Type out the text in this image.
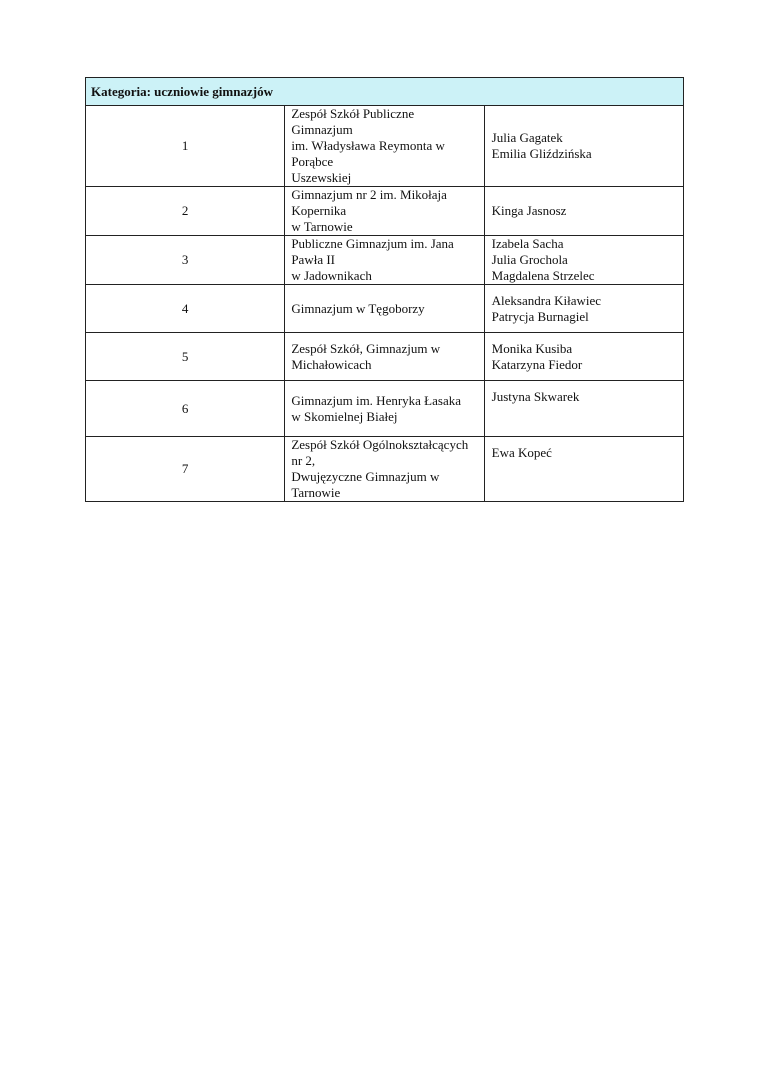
Kategoria: uczniowie gimnazjów		
1	Zespół Szkół Publiczne Gimnazjum
im. Władysława Reymonta w Porąbce
Uszewskiej	Julia Gagatek
Emilia Gliździńska

2	Gimnazjum nr 2 im. Mikołaja Kopernika
w Tarnowie	Kinga Jasnosz

3	Publiczne Gimnazjum im. Jana Pawła II
w Jadownikach	Izabela Sacha
Julia Grochola
Magdalena Strzelec

4	Gimnazjum w Tęgoborzy	Aleksandra Kiławiec
Patrycja Burnagiel

5	Zespół Szkół, Gimnazjum w Michałowicach	Monika Kusiba
Katarzyna Fiedor

6	Gimnazjum im. Henryka Łasaka
w Skomielnej Białej	Justyna Skwarek

7	Zespół Szkół Ogólnokształcących nr 2,
Dwujęzyczne Gimnazjum w Tarnowie	Ewa Kopeć
